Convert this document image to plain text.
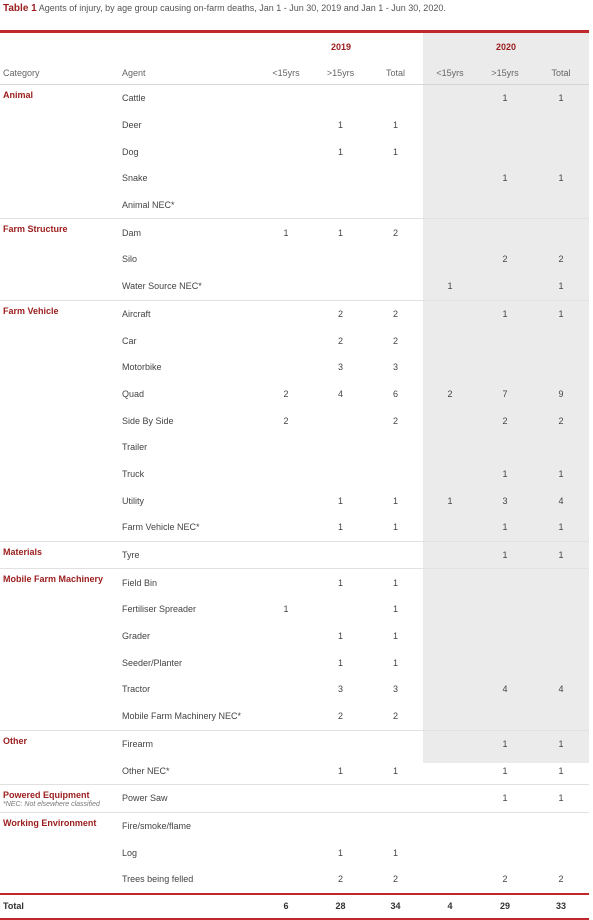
Table 1 Agents of injury, by age group causing on-farm deaths, Jan 1 - Jun 30, 2019 and Jan 1 - Jun 30, 2020.
2019	2020
Category	Agent	<15yrs	>15yrs	Total	<15yrs	>15yrs	Total
Animal	Cattle					1	1
	Deer		1	1			
	Dog		1	1			
	Snake					1	1
	Animal NEC*						
Farm Structure	Dam	1	1	2			
	Silo					2	2
	Water Source NEC*				1		1
Farm Vehicle	Aircraft		2	2		1	1
	Car		2	2			
	Motorbike		3	3			
	Quad	2	4	6	2	7	9
	Side By Side	2		2		2	2
	Trailer						
	Truck					1	1
	Utility		1	1	1	3	4
	Farm Vehicle NEC*		1	1		1	1
Materials	Tyre					1	1
Mobile Farm Machinery	Field Bin		1	1			
	Fertiliser Spreader	1		1			
	Grader		1	1			
	Seeder/Planter		1	1			
	Tractor		3	3		4	4
	Mobile Farm Machinery NEC*		2	2			
Other	Firearm					1	1
	Other NEC*		1	1		1	1
Powered Equipment	Power Saw					1	1
Working Environment	Fire/smoke/flame						
	Log		1	1			
	Trees being felled		2	2		2	2
Total		6	28	34	4	29	33
*NEC: Not elsewhere classified
